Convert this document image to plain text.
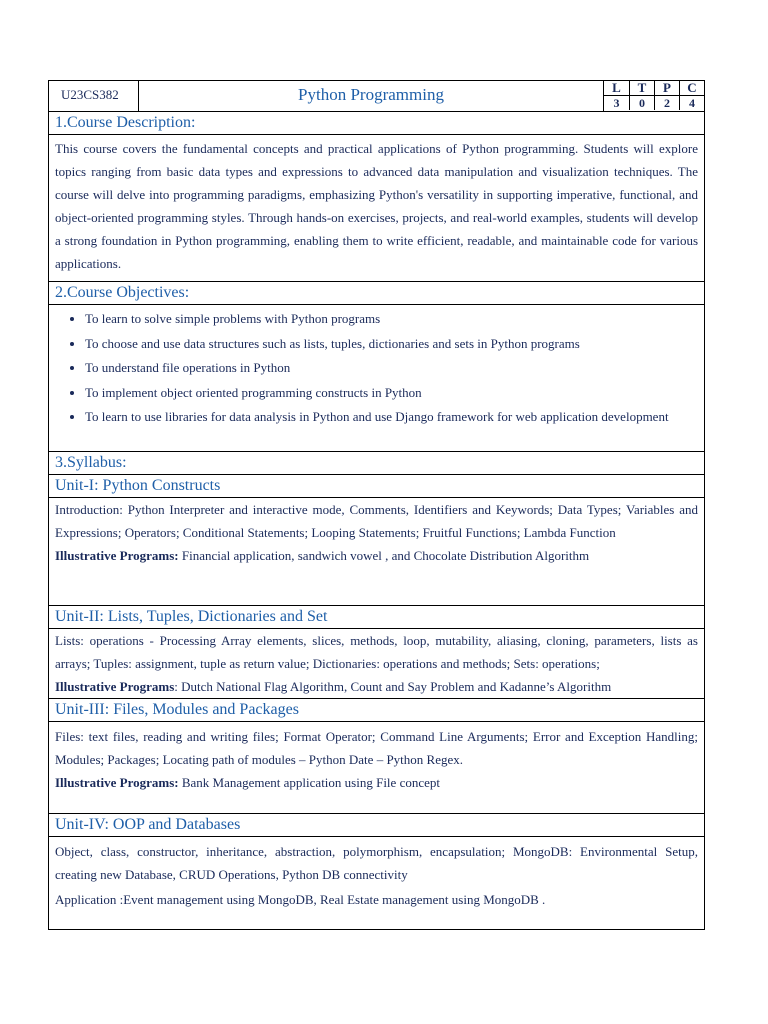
U23CS382	Python Programming	L	T	P	C
3	0	2	4
1.Course Description:
This course covers the fundamental concepts and practical applications of Python programming. Students will explore topics ranging from basic data types and expressions to advanced data manipulation and visualization techniques. The course will delve into programming paradigms, emphasizing Python's versatility in supporting imperative, functional, and object-oriented programming styles. Through hands-on exercises, projects, and real-world examples, students will develop a strong foundation in Python programming, enabling them to write efficient, readable, and maintainable code for various applications.
2.Course Objectives:
• To learn to solve simple problems with Python programs
• To choose and use data structures such as lists, tuples, dictionaries and sets in Python programs
• To understand file operations in Python
• To implement object oriented programming constructs in Python
• To learn to use libraries for data analysis in Python and use Django framework for web application development
3.Syllabus:
Unit-I: Python Constructs
Introduction: Python Interpreter and interactive mode, Comments, Identifiers and Keywords; Data Types; Variables and Expressions; Operators; Conditional Statements; Looping Statements; Fruitful Functions; Lambda Function
Illustrative Programs: Financial application, sandwich vowel , and Chocolate Distribution Algorithm
Unit-II: Lists, Tuples, Dictionaries and Set
Lists: operations - Processing Array elements, slices, methods, loop, mutability, aliasing, cloning, parameters, lists as arrays; Tuples: assignment, tuple as return value; Dictionaries: operations and methods; Sets: operations;
Illustrative Programs: Dutch National Flag Algorithm, Count and Say Problem and Kadanne’s Algorithm
Unit-III: Files, Modules and Packages
Files: text files, reading and writing files; Format Operator; Command Line Arguments; Error and Exception Handling; Modules; Packages; Locating path of modules – Python Date – Python Regex.
Illustrative Programs: Bank Management application using File concept
Unit-IV: OOP and Databases
Object, class, constructor, inheritance, abstraction, polymorphism, encapsulation; MongoDB: Environmental Setup, creating new Database, CRUD Operations, Python DB connectivity
Application :Event management using MongoDB, Real Estate management using MongoDB .
